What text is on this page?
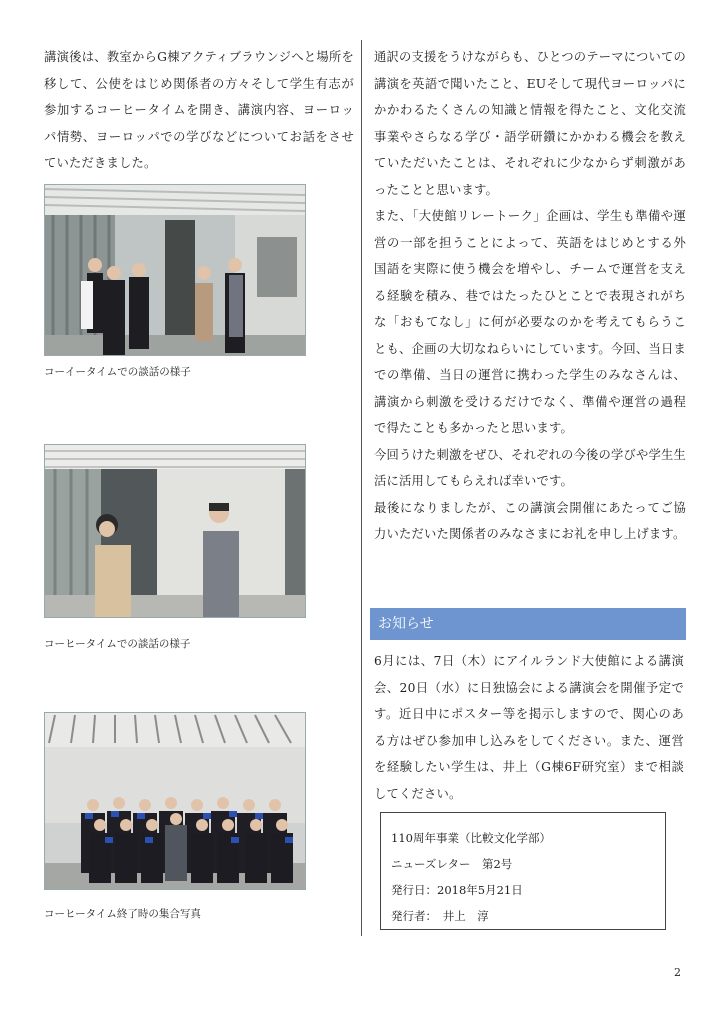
講演後は、教室からG棟アクティブラウンジへと場所を移して、公使をはじめ関係者の方々そして学生有志が参加するコーヒータイムを開き、講演内容、ヨーロッパ情勢、ヨーロッパでの学びなどについてお話をさせていただきました。

コーイータイムでの談話の様子
コーヒータイムでの談話の様子
コーヒータイム終了時の集合写真

通訳の支援をうけながらも、ひとつのテーマについての講演を英語で聞いたこと、EUそして現代ヨーロッパにかかわるたくさんの知識と情報を得たこと、文化交流事業やさらなる学び・語学研鑽にかかわる機会を教えていただいたことは、それぞれに少なからず刺激があったことと思います。

また、「大使館リレートーク」企画は、学生も準備や運営の一部を担うことによって、英語をはじめとする外国語を実際に使う機会を増やし、チームで運営を支える経験を積み、巷ではたったひとことで表現されがちな「おもてなし」に何が必要なのかを考えてもらうことも、企画の大切なねらいにしています。今回、当日までの準備、当日の運営に携わった学生のみなさんは、講演から刺激を受けるだけでなく、準備や運営の過程で得たことも多かったと思います。

今回うけた刺激をぜひ、それぞれの今後の学びや学生生活に活用してもらえれば幸いです。

最後になりましたが、この講演会開催にあたってご協力いただいた関係者のみなさまにお礼を申し上げます。

お知らせ

6月には、7日（木）にアイルランド大使館による講演会、20日（水）に日独協会による講演会を開催予定です。近日中にポスター等を掲示しますので、関心のある方はぜひ参加申し込みをしてください。また、運営を経験したい学生は、井上（G棟6F研究室）まで相談してください。

110周年事業（比較文化学部）
ニューズレター　第2号
発行日：2018年5月21日
発行者：　井上　淳
2
